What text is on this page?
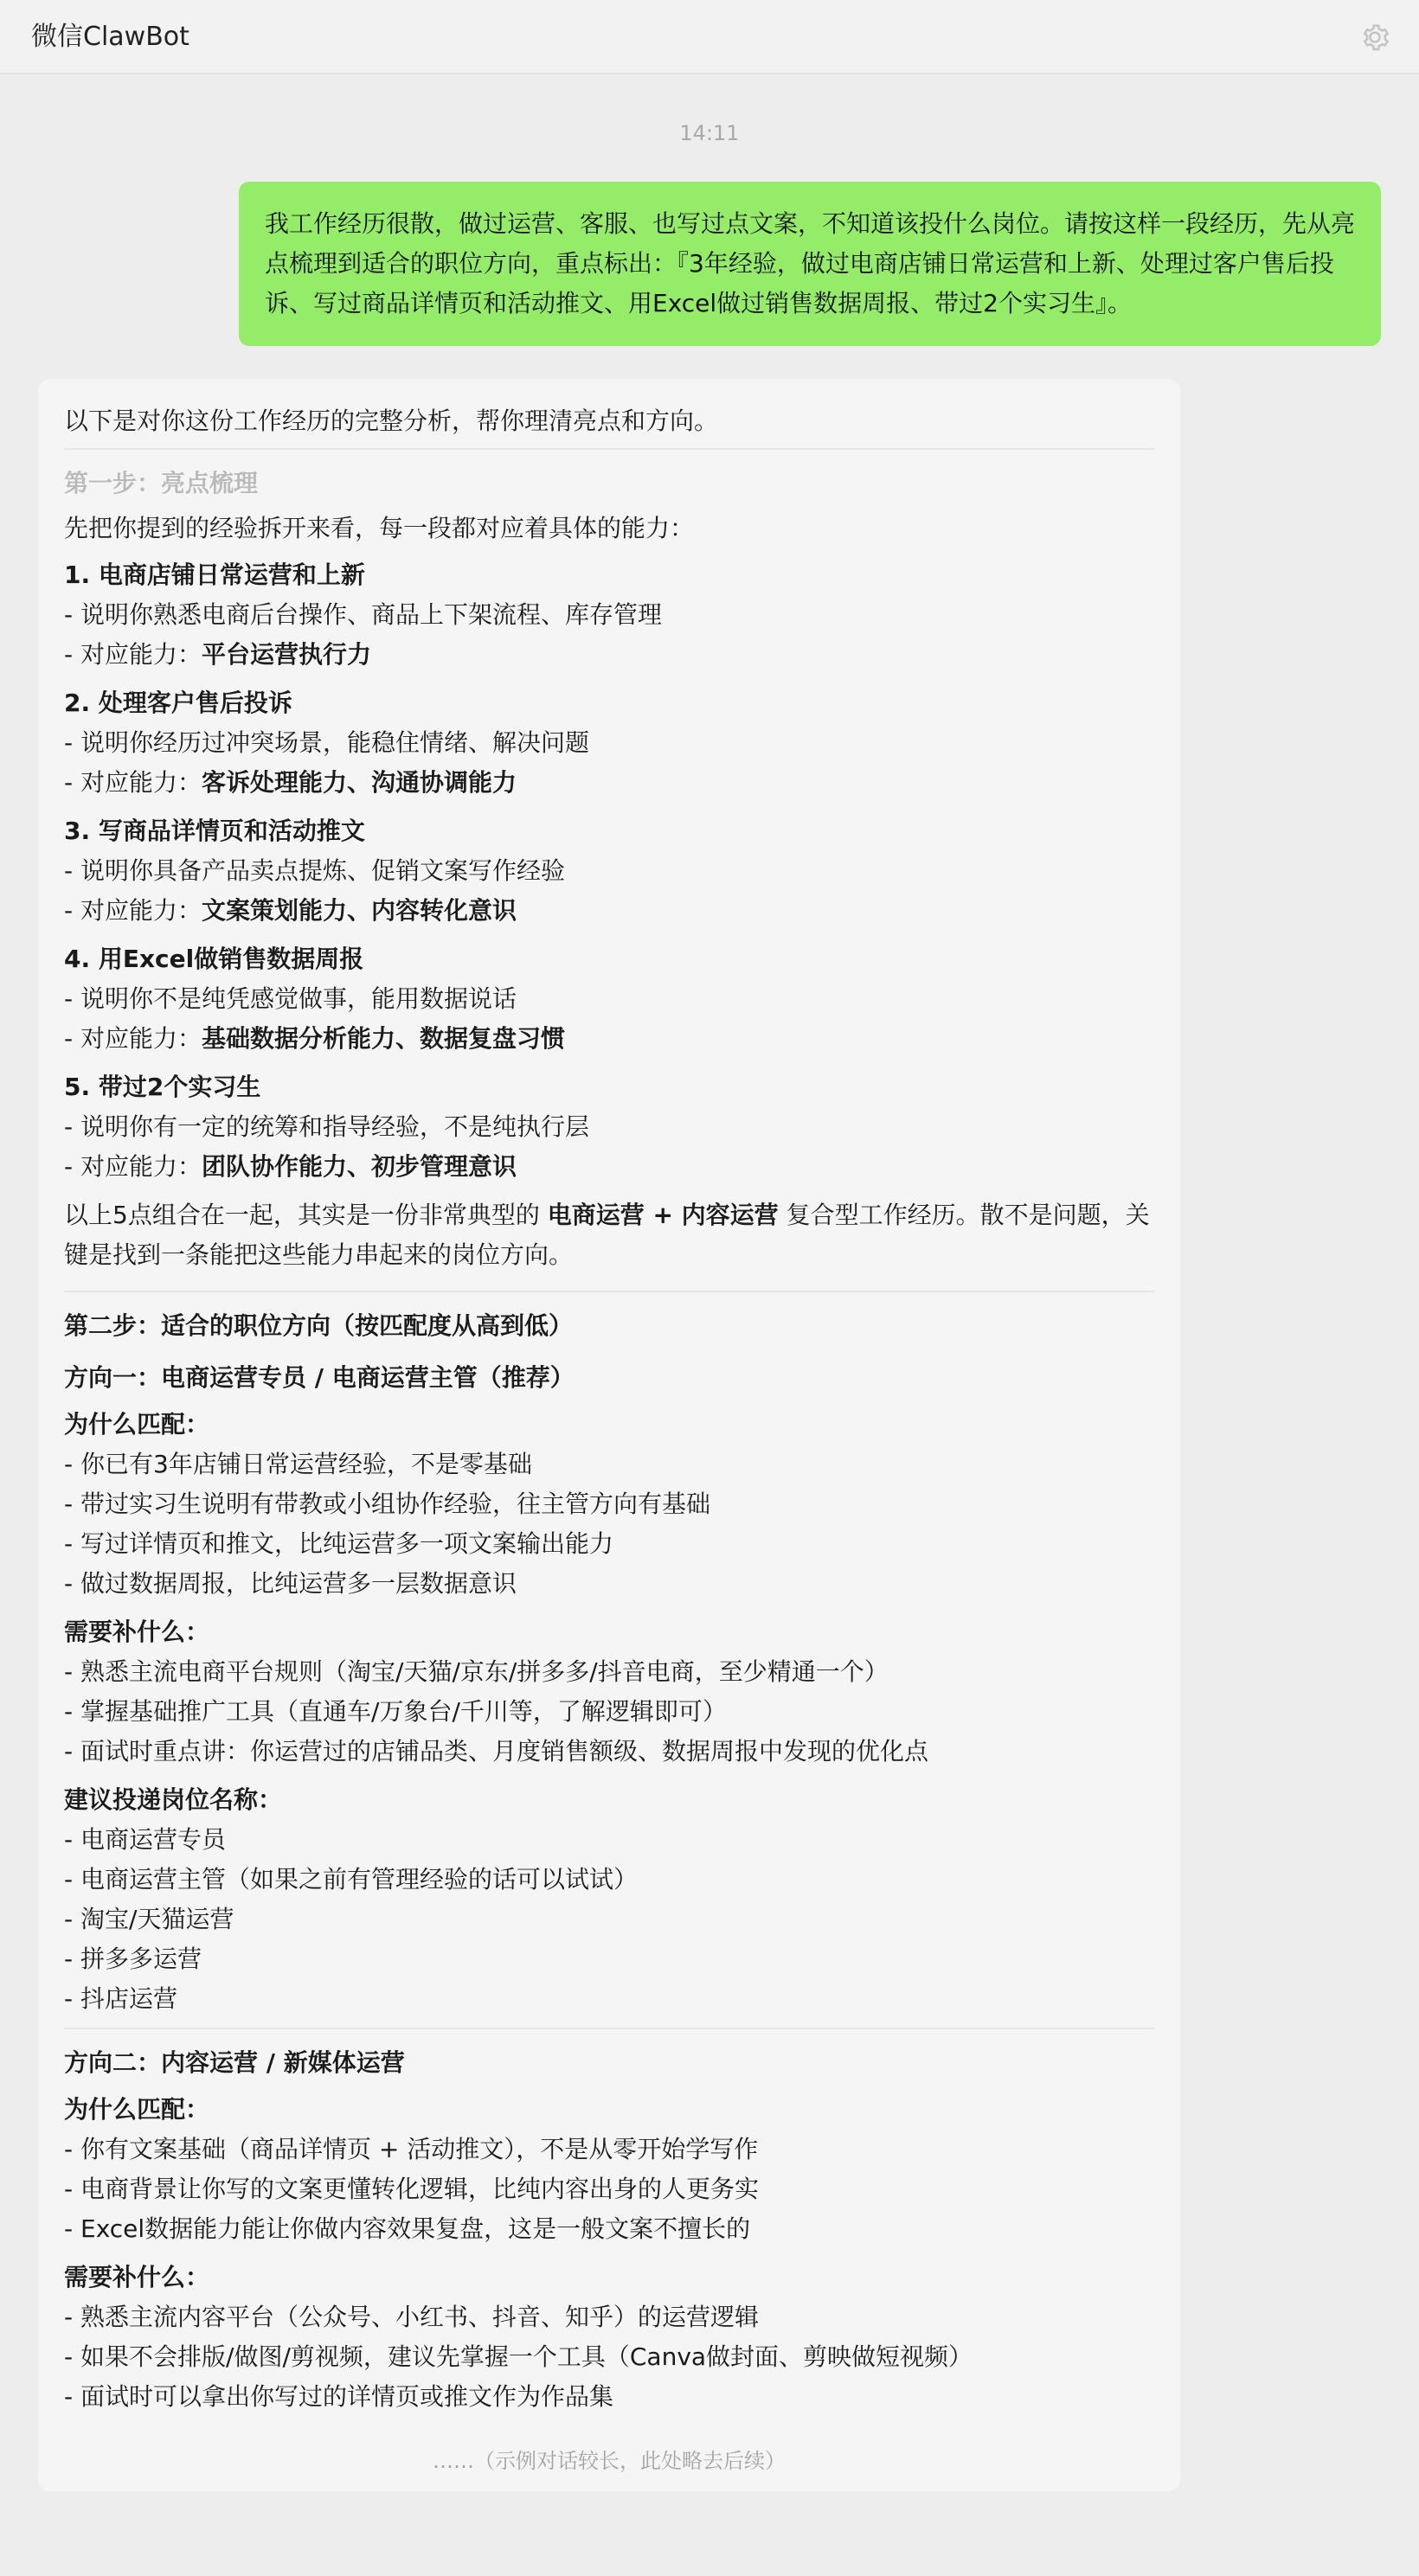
微信ClawBot
14:11
我工作经历很散，做过运营、客服、也写过点文案，不知道该投什么岗位。请按这样一段经历，先从亮点梳理到适合的职位方向，重点标出：『3年经验，做过电商店铺日常运营和上新、处理过客户售后投诉、写过商品详情页和活动推文、用Excel做过销售数据周报、带过2个实习生』。

以下是对你这份工作经历的完整分析，帮你理清亮点和方向。

第一步：亮点梳理

先把你提到的经验拆开来看，每一段都对应着具体的能力：

1. 电商店铺日常运营和上新

- 说明你熟悉电商后台操作、商品上下架流程、库存管理

- 对应能力：平台运营执行力

2. 处理客户售后投诉

- 说明你经历过冲突场景，能稳住情绪、解决问题

- 对应能力：客诉处理能力、沟通协调能力

3. 写商品详情页和活动推文

- 说明你具备产品卖点提炼、促销文案写作经验

- 对应能力：文案策划能力、内容转化意识

4. 用Excel做销售数据周报

- 说明你不是纯凭感觉做事，能用数据说话

- 对应能力：基础数据分析能力、数据复盘习惯

5. 带过2个实习生

- 说明你有一定的统筹和指导经验，不是纯执行层

- 对应能力：团队协作能力、初步管理意识

以上5点组合在一起，其实是一份非常典型的 电商运营 + 内容运营 复合型工作经历。散不是问题，关键是找到一条能把这些能力串起来的岗位方向。

第二步：适合的职位方向（按匹配度从高到低）

方向一：电商运营专员 / 电商运营主管（推荐）

为什么匹配：

- 你已有3年店铺日常运营经验，不是零基础

- 带过实习生说明有带教或小组协作经验，往主管方向有基础

- 写过详情页和推文，比纯运营多一项文案输出能力

- 做过数据周报，比纯运营多一层数据意识

需要补什么：

- 熟悉主流电商平台规则（淘宝/天猫/京东/拼多多/抖音电商，至少精通一个）

- 掌握基础推广工具（直通车/万象台/千川等，了解逻辑即可）

- 面试时重点讲：你运营过的店铺品类、月度销售额级、数据周报中发现的优化点

建议投递岗位名称：

- 电商运营专员

- 电商运营主管（如果之前有管理经验的话可以试试）

- 淘宝/天猫运营

- 拼多多运营

- 抖店运营

方向二：内容运营 / 新媒体运营

为什么匹配：

- 你有文案基础（商品详情页 + 活动推文），不是从零开始学写作

- 电商背景让你写的文案更懂转化逻辑，比纯内容出身的人更务实

- Excel数据能力能让你做内容效果复盘，这是一般文案不擅长的

需要补什么：

- 熟悉主流内容平台（公众号、小红书、抖音、知乎）的运营逻辑

- 如果不会排版/做图/剪视频，建议先掌握一个工具（Canva做封面、剪映做短视频）

- 面试时可以拿出你写过的详情页或推文作为作品集

……（示例对话较长，此处略去后续）
